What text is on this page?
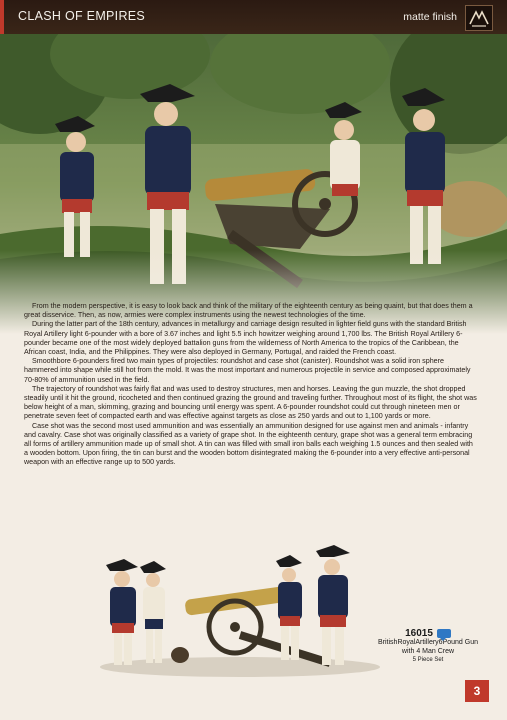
CLASH OF EMPIRES	matte finish

From the modern perspective, it is easy to look back and think of the military of the eighteenth century as being quaint, but that does them a great disservice. Then, as now, armies were complex instruments using the newest technologies of the time.

During the latter part of the 18th century, advances in metallurgy and carriage design resulted in lighter field guns with the standard British Royal Artillery light 6-pounder with a bore of 3.67 inches and light 5.5 inch howitzer weighing around 1,700 lbs. The British Royal Artillery 6-pounder became one of the most widely deployed battalion guns from the wilderness of North America to the tropics of the Caribbean, the African coast, India, and the Philippines. They were also deployed in Germany, Portugal, and raided the French coast.

Smoothbore 6-pounders fired two main types of projectiles: roundshot and case shot (canister). Roundshot was a solid iron sphere hammered into shape while still hot from the mold. It was the most important and numerous projectile in service and composed approximately 70-80% of ammunition used in the field.

The trajectory of roundshot was fairly flat and was used to destroy structures, men and horses. Leaving the gun muzzle, the shot dropped steadily until it hit the ground, ricocheted and then continued grazing the ground and traveling further. Throughout most of its flight, the shot was below height of a man, skimming, grazing and bouncing until energy was spent. A 6-pounder roundshot could cut through nineteen men or penetrate seven feet of compacted earth and was effective against targets as close as 250 yards and out to 1,100 yards or more.

Case shot was the second most used ammunition and was essentially an ammunition designed for use against men and animals - infantry and cavalry. Case shot was originally classified as a variety of grape shot. In the eighteenth century, grape shot was a general term embracing all forms of artillery ammunition made up of small shot. A tin can was filled with small iron balls each weighing 1.5 ounces and then sealed with a wooden bottom. Upon firing, the tin can burst and the wooden bottom disintegrated making the 6-pounder into a very effective anti-personal weapon with an effective range up to 500 yards.

16015
BritishRoyalArtillery6Pound Gun with 4 Man Crew
5 Piece Set
3
